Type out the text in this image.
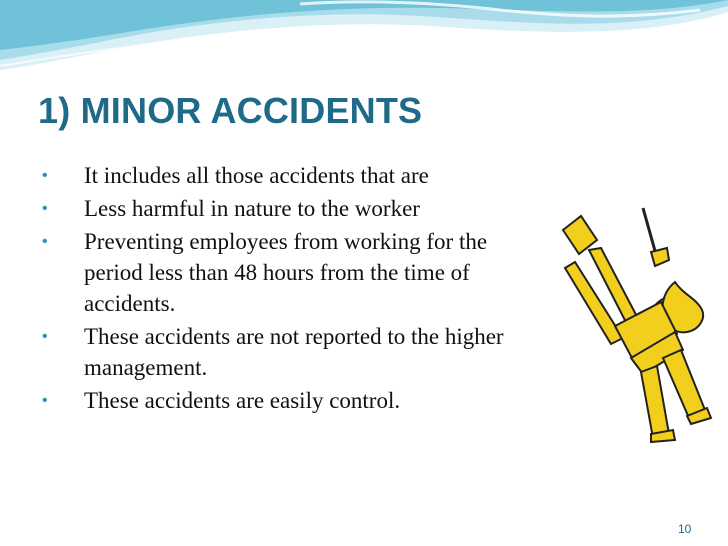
1) MINOR ACCIDENTS
•	It includes all those accidents that are
•	Less harmful in nature to the worker
•	Preventing employees from working for the period less than 48 hours from the time of accidents.
•	These accidents are not reported to the higher management.
•	These accidents are easily control.
10
